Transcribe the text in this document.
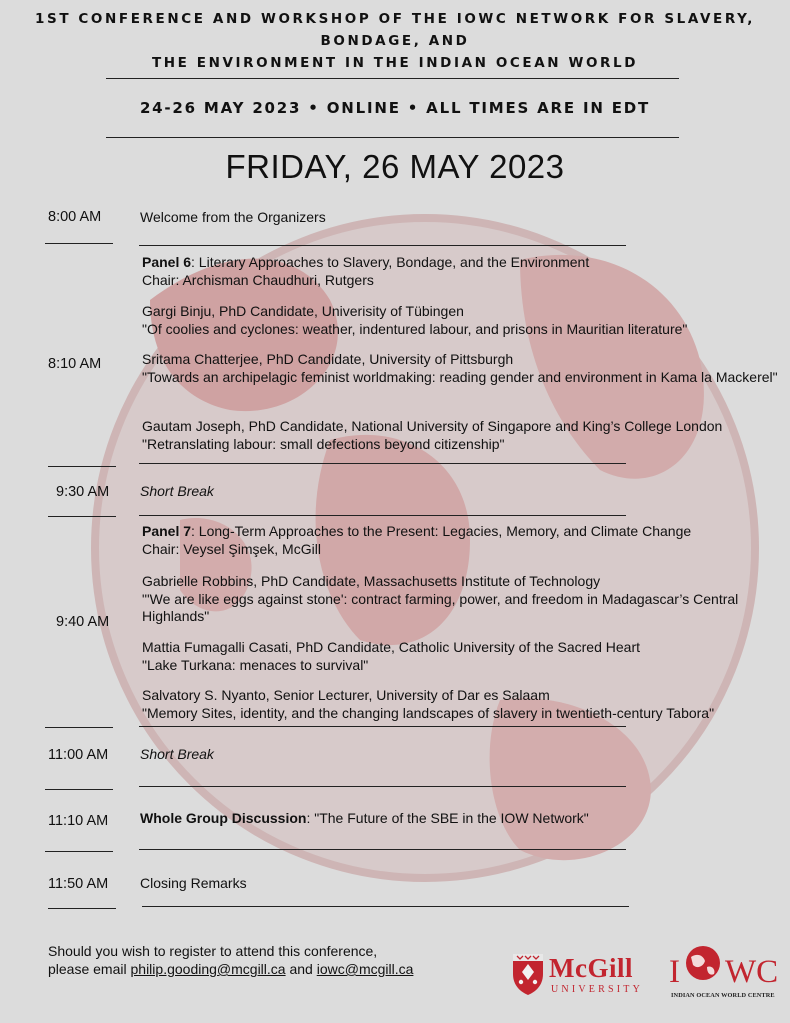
1ST CONFERENCE AND WORKSHOP OF THE IOWC NETWORK FOR SLAVERY, BONDAGE, AND
THE ENVIRONMENT IN THE INDIAN OCEAN WORLD
24-26 MAY 2023 • ONLINE • ALL TIMES ARE IN EDT
FRIDAY, 26 MAY 2023
8:00 AM	Welcome from the Organizers
8:10 AM
Panel 6: Literary Approaches to Slavery, Bondage, and the Environment
Chair: Archisman Chaudhuri, Rutgers
Gargi Binju, PhD Candidate, Univerisity of Tübingen
"Of coolies and cyclones: weather, indentured labour, and prisons in Mauritian literature"
Sritama Chatterjee, PhD Candidate, University of Pittsburgh
"Towards an archipelagic feminist worldmaking: reading gender and environment in Kama la Mackerel"
Gautam Joseph, PhD Candidate, National University of Singapore and King’s College London
"Retranslating labour: small defections beyond citizenship"
9:30 AM	Short Break
9:40 AM
Panel 7: Long-Term Approaches to the Present: Legacies, Memory, and Climate Change
Chair: Veysel Şimşek, McGill
Gabrielle Robbins, PhD Candidate, Massachusetts Institute of Technology
"'We are like eggs against stone': contract farming, power, and freedom in Madagascar’s Central Highlands"
Mattia Fumagalli Casati, PhD Candidate, Catholic University of the Sacred Heart
"Lake Turkana: menaces to survival"
Salvatory S. Nyanto, Senior Lecturer, University of Dar es Salaam
"Memory Sites, identity, and the changing landscapes of slavery in twentieth-century Tabora"
11:00 AM	Short Break
11:10 AM	Whole Group Discussion: "The Future of the SBE in the IOW Network"
11:50 AM	Closing Remarks
Should you wish to register to attend this conference,
please email philip.gooding@mcgill.ca and iowc@mcgill.ca	McGill
UNIVERSITY I WC
INDIAN OCEAN WORLD CENTRE
